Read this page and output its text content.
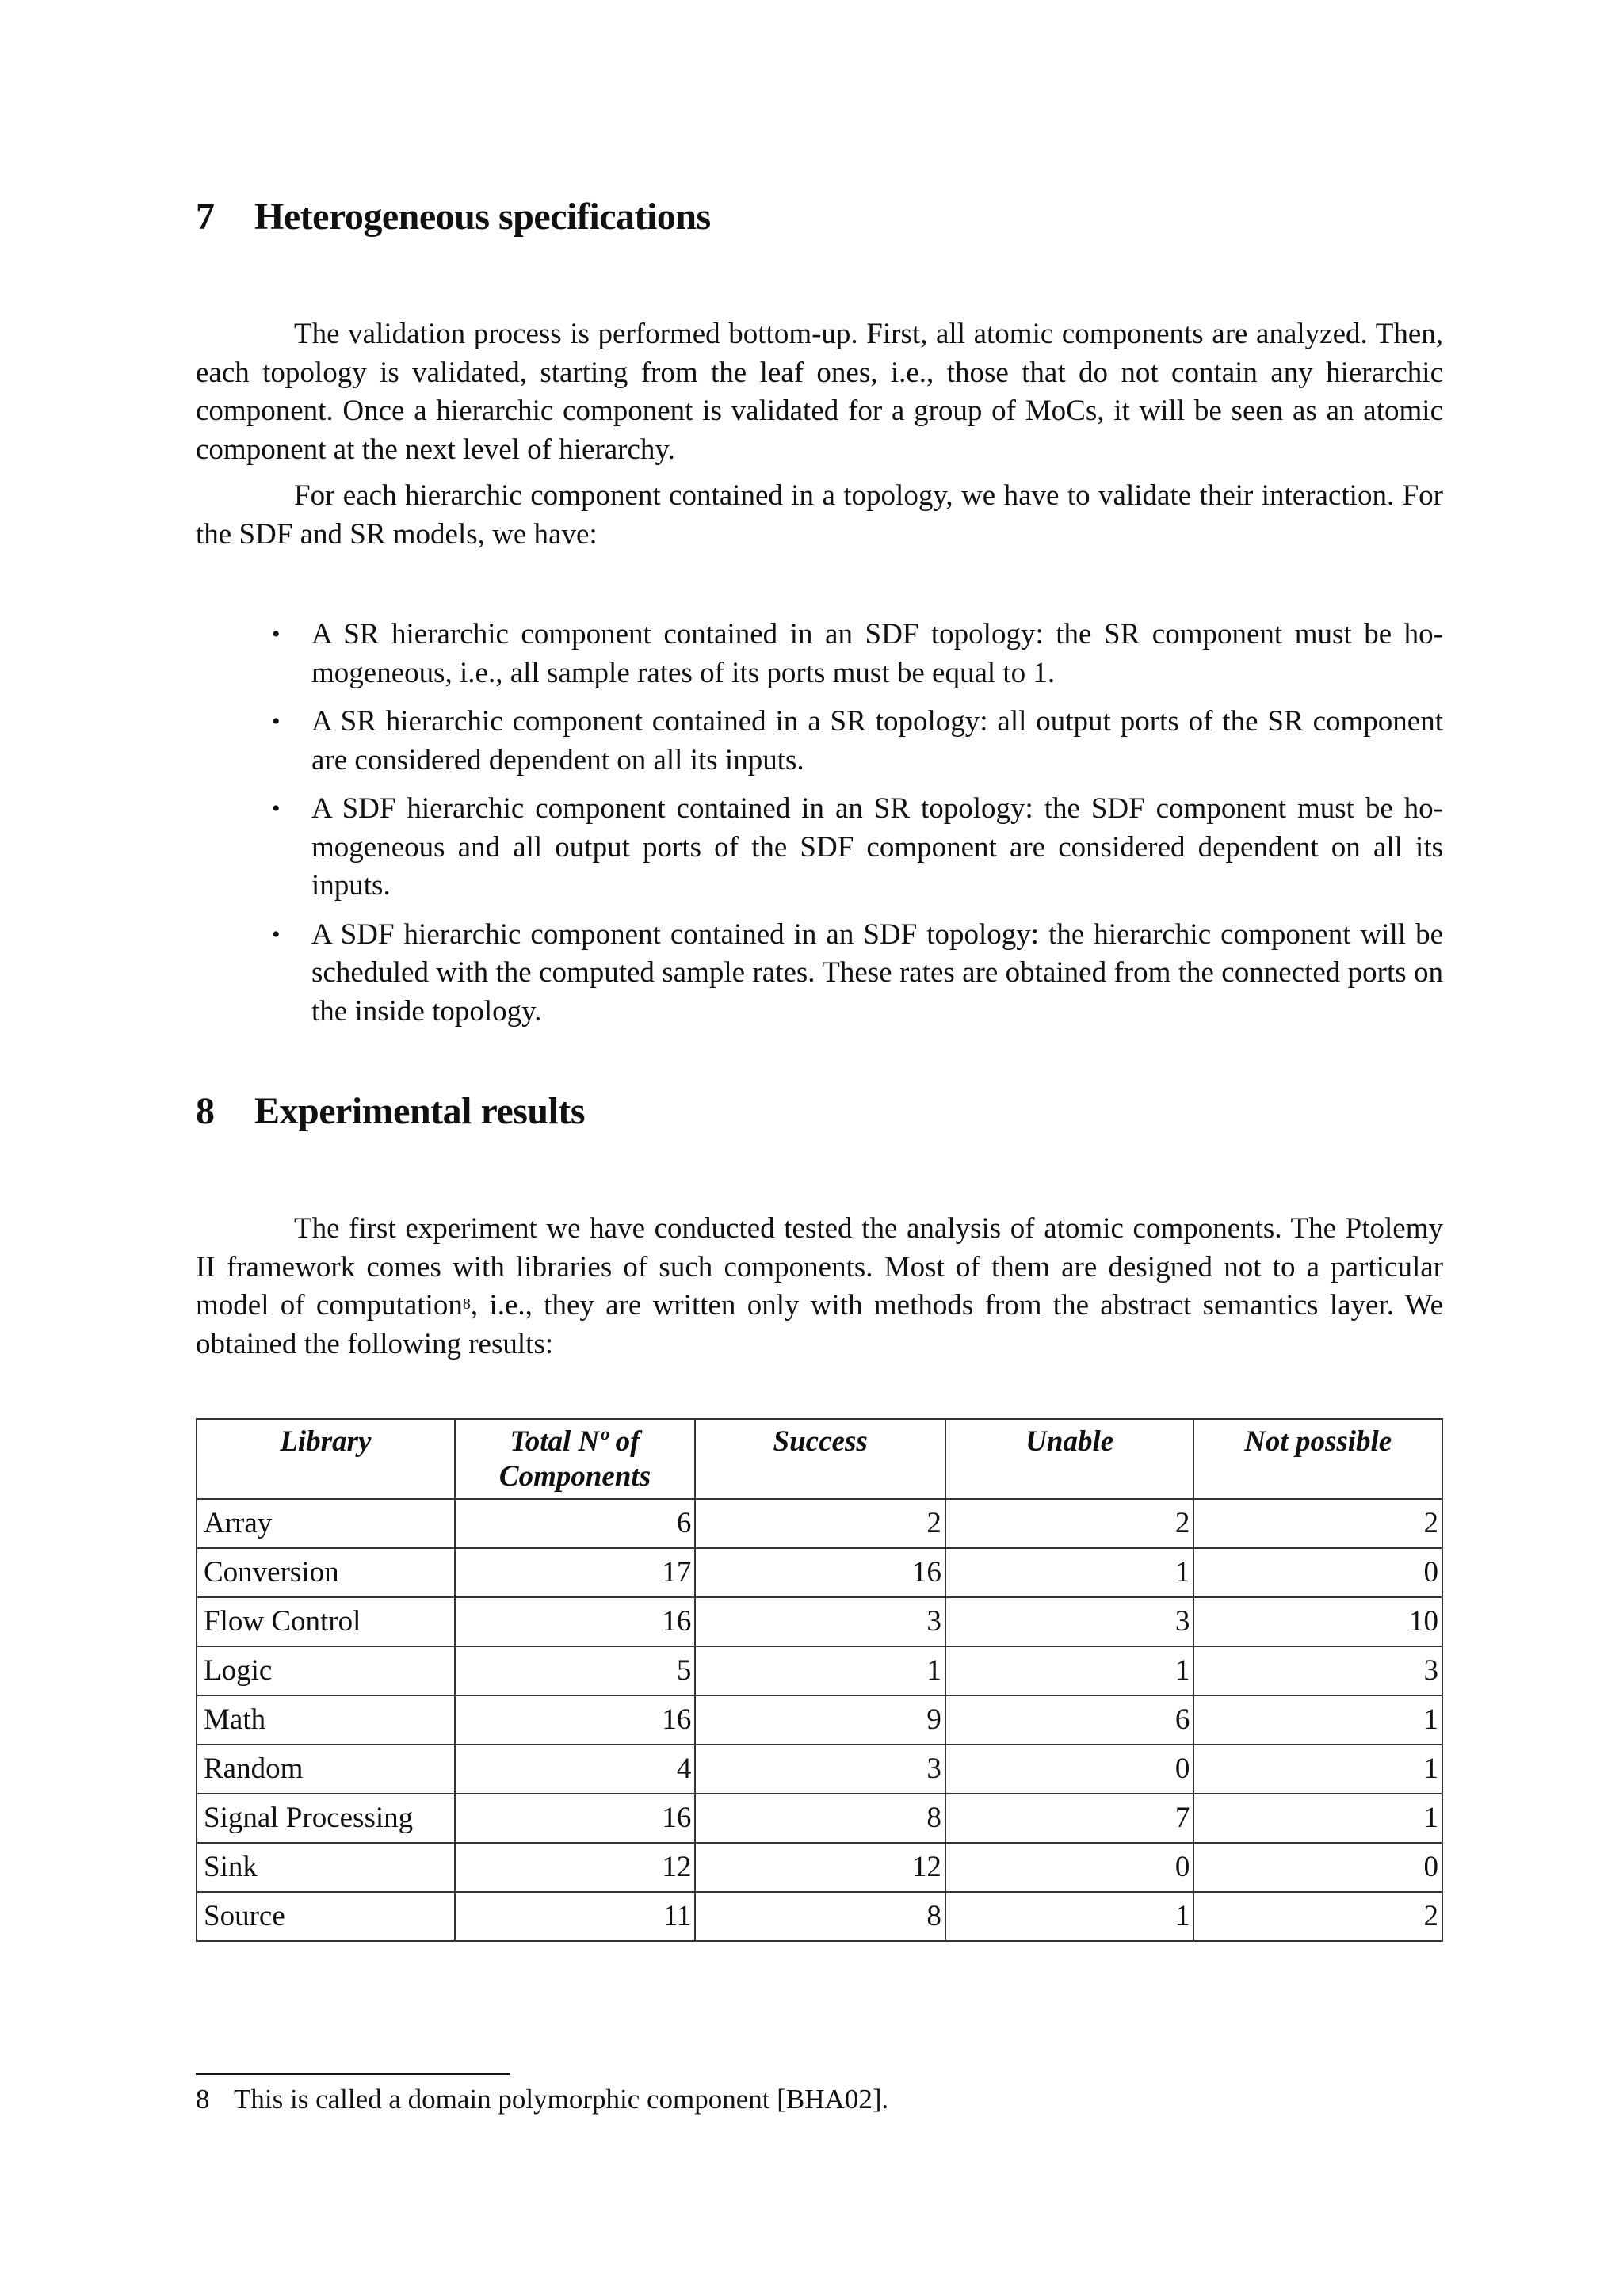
7 Heterogeneous specifications

The validation process is performed bottom-up. First, all atomic components are analyzed. Then, each topology is validated, starting from the leaf ones, i.e., those that do not contain any hierarchic component. Once a hierarchic component is validated for a group of MoCs, it will be seen as an atomic component at the next level of hierarchy.

For each hierarchic component contained in a topology, we have to validate their interaction. For the SDF and SR models, we have:

• A SR hierarchic component contained in an SDF topology: the SR component must be homogeneous, i.e., all sample rates of its ports must be equal to 1.
• A SR hierarchic component contained in a SR topology: all output ports of the SR component are considered dependent on all its inputs.
• A SDF hierarchic component contained in an SR topology: the SDF component must be homogeneous and all output ports of the SDF component are considered dependent on all its inputs.
• A SDF hierarchic component contained in an SDF topology: the hierarchic component will be scheduled with the computed sample rates. These rates are obtained from the connected ports on the inside topology.
8 Experimental results

The first experiment we have conducted tested the analysis of atomic components. The Ptolemy II framework comes with libraries of such components. Most of them are designed not to a particular model of computation$^8$, i.e., they are written only with methods from the abstract semantics layer. We obtained the following results:

Library	Total Nº of Components	Success	Unable	Not possible
Array	6	2	2	2
Conversion	17	16	1	0
Flow Control	16	3	3	10
Logic	5	1	1	3
Math	16	9	6	1
Random	4	3	0	1
Signal Processing	16	8	7	1
Sink	12	12	0	0
Source	11	8	1	2
8 This is called a domain polymorphic component [BHA02].
